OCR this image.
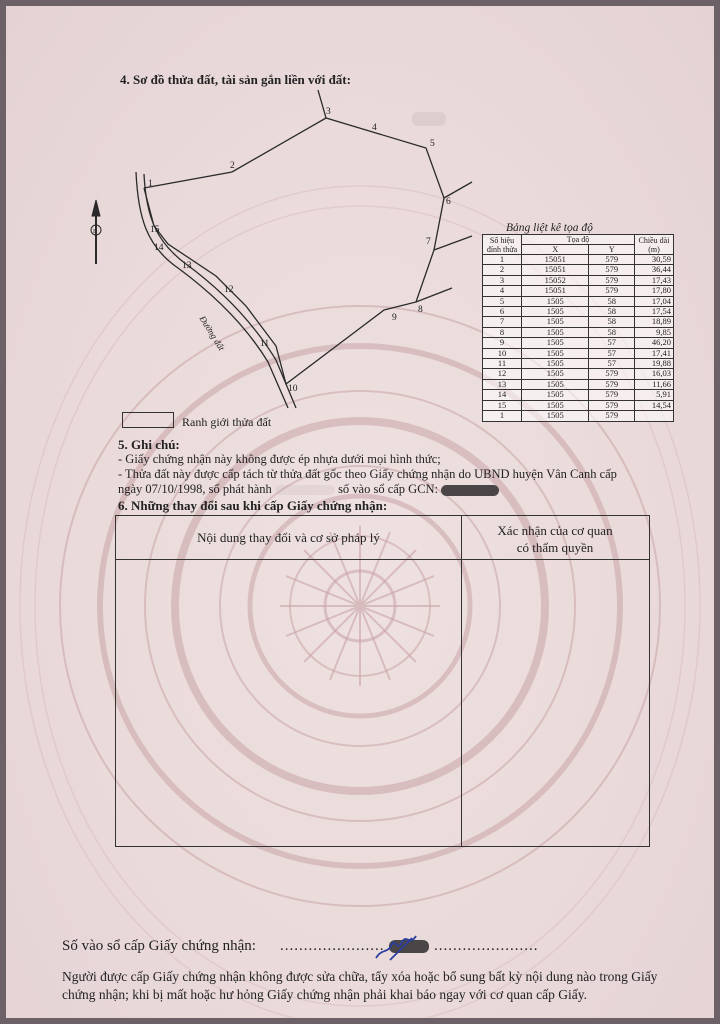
4. Sơ đồ thửa đất, tài sản gắn liền với đất:
B
1
2
3
4
5
6
7
8
9
10
11
12
13
14
15
Đường đất
Bảng liệt kê tọa độ
Số hiệu đỉnh thửa	Tọa độ		Chiều dài (m)
	X	Y	
1	15051	579	30,59
2	15051	579	36,44
3	15052	579	17,43
4	15051	579	17,80
5	1505	58	17,04
6	1505	58	17,54
7	1505	58	18,89
8	1505	58	9,85
9	1505	57	46,20
10	1505	57	17,41
11	1505	57	19,88
12	1505	579	16,03
13	1505	579	11,66
14	1505	579	5,91
15	1505	579	14,54
1	1505	579	
Ranh giới thửa đất
5. Ghi chú:
- Giấy chứng nhận này không được ép nhựa dưới mọi hình thức;
- Thửa đất này được cấp tách từ thửa đất gốc theo Giấy chứng nhận do UBND huyện Vân Canh cấp
ngày 07/10/1998, số phát hành	số vào sổ cấp GCN:
6. Những thay đổi sau khi cấp Giấy chứng nhận:
Nội dung thay đổi và cơ sở pháp lý	Xác nhận của cơ quan
có thẩm quyền
Số vào sổ cấp Giấy chứng nhận: ......................	......................
Người được cấp Giấy chứng nhận không được sửa chữa, tẩy xóa hoặc bổ sung bất kỳ nội dung nào trong Giấy chứng nhận; khi bị mất hoặc hư hỏng Giấy chứng nhận phải khai báo ngay với cơ quan cấp Giấy.
